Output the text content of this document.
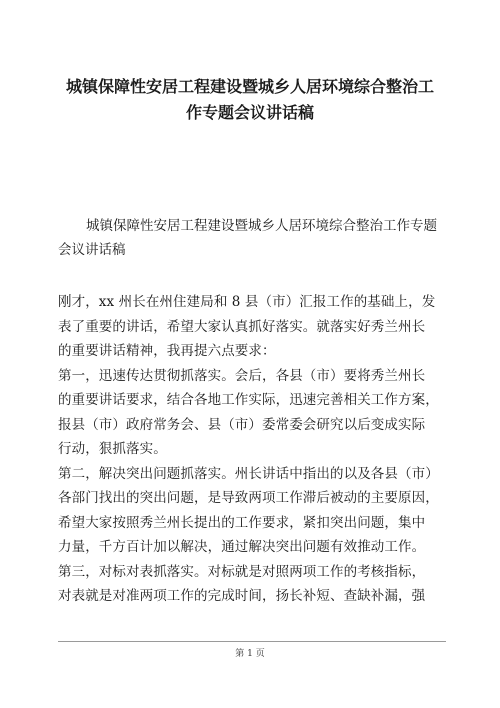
城镇保障性安居工程建设暨城乡人居环境综合整治工
作专题会议讲话稿

城镇保障性安居工程建设暨城乡人居环境综合整治工作专题会议讲话稿

刚才，xx 州长在州住建局和 8 县（市）汇报工作的基础上，发
表了重要的讲话，希望大家认真抓好落实。就落实好秀兰州长
的重要讲话精神，我再提六点要求：
第一，迅速传达贯彻抓落实。会后，各县（市）要将秀兰州长
的重要讲话要求，结合各地工作实际，迅速完善相关工作方案，
报县（市）政府常务会、县（市）委常委会研究以后变成实际
行动，狠抓落实。
第二，解决突出问题抓落实。州长讲话中指出的以及各县（市）
各部门找出的突出问题，是导致两项工作滞后被动的主要原因，
希望大家按照秀兰州长提出的工作要求，紧扣突出问题，集中
力量，千方百计加以解决，通过解决突出问题有效推动工作。
第三，对标对表抓落实。对标就是对照两项工作的考核指标，
对表就是对准两项工作的完成时间，扬长补短、查缺补漏，强
第 1 页
